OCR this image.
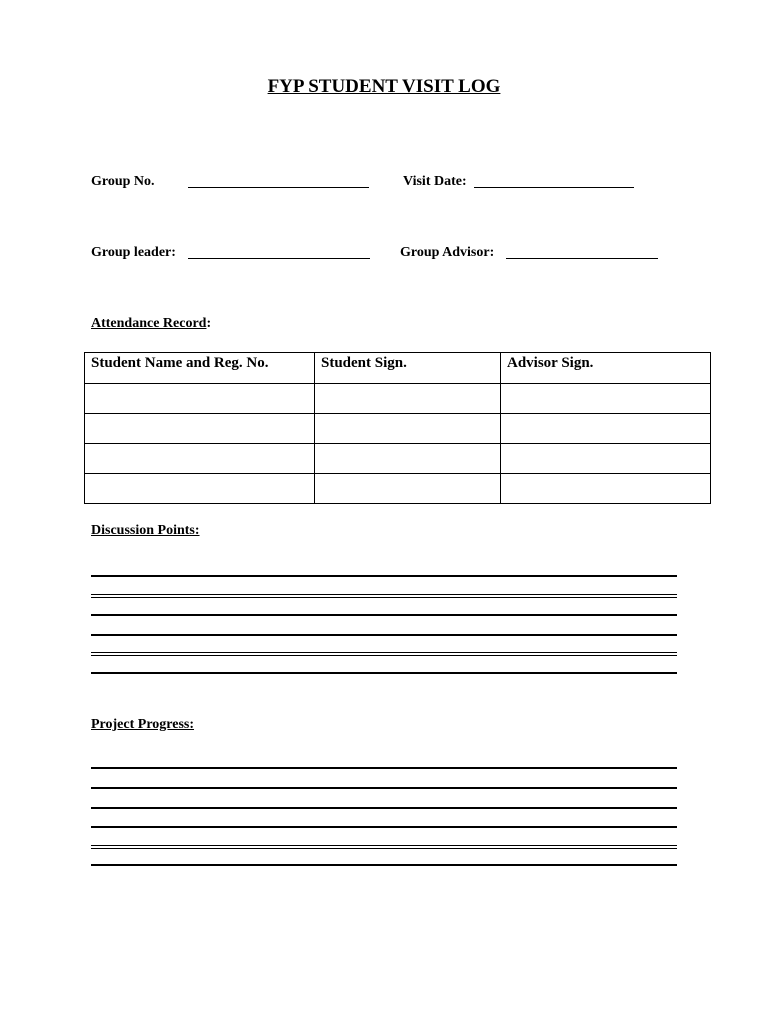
FYP STUDENT VISIT LOG
Group No.	Visit Date:
Group leader:	Group Advisor:
Attendance Record:
Student Name and Reg. No.	Student Sign.	Advisor Sign.

Discussion Points:
Project Progress:
